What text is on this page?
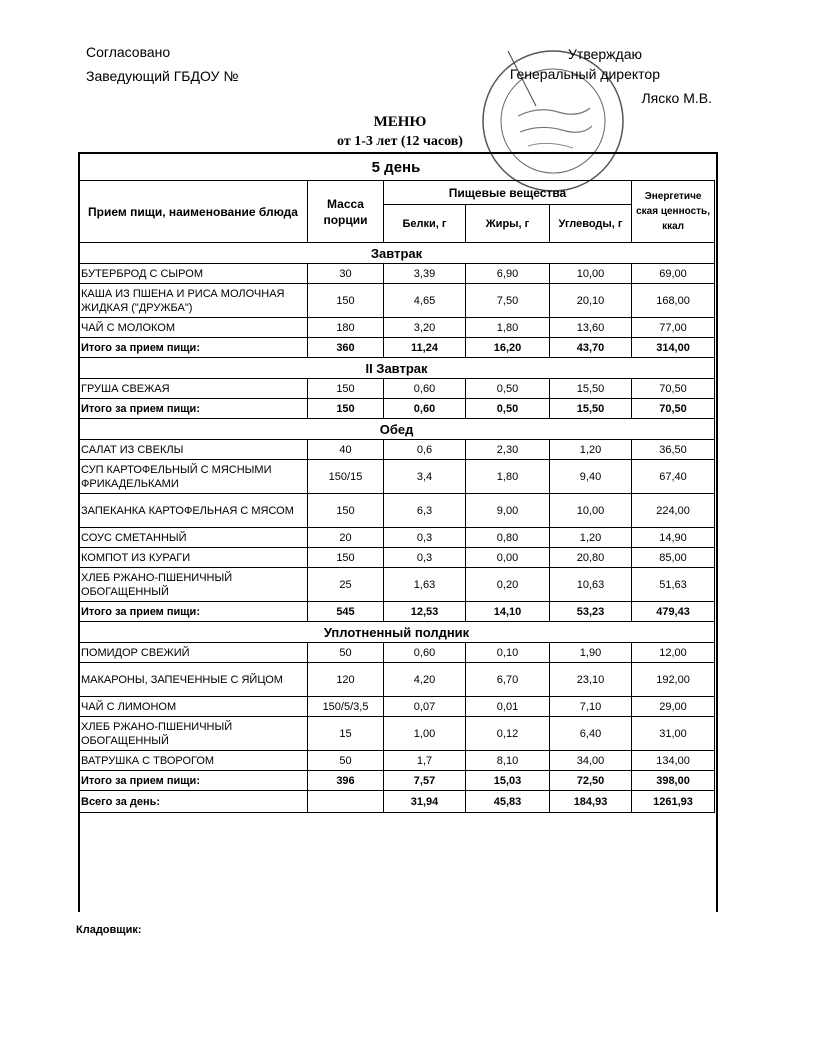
Согласовано
Заведующий ГБДОУ №
Утверждаю
Генеральный директор
Ляско М.В.
МЕНЮ
от 1-3 лет (12 часов)
5 день
Прием пищи, наименование блюда	Масса порции	Пищевые вещества			Энергетиче ская ценность, ккал
		Белки, г	Жиры, г	Углеводы, г	
Завтрак					
БУТЕРБРОД С СЫРОМ	30	3,39	6,90	10,00	69,00
КАША ИЗ ПШЕНА И РИСА МОЛОЧНАЯ ЖИДКАЯ ("ДРУЖБА")	150	4,65	7,50	20,10	168,00
ЧАЙ С МОЛОКОМ	180	3,20	1,80	13,60	77,00
Итого за прием пищи:	360	11,24	16,20	43,70	314,00
II Завтрак					
ГРУША СВЕЖАЯ	150	0,60	0,50	15,50	70,50
Итого за прием пищи:	150	0,60	0,50	15,50	70,50
Обед					
САЛАТ ИЗ СВЕКЛЫ	40	0,6	2,30	1,20	36,50
СУП КАРТОФЕЛЬНЫЙ С МЯСНЫМИ ФРИКАДЕЛЬКАМИ	150/15	3,4	1,80	9,40	67,40
ЗАПЕКАНКА КАРТОФЕЛЬНАЯ С МЯСОМ	150	6,3	9,00	10,00	224,00
СОУС СМЕТАННЫЙ	20	0,3	0,80	1,20	14,90
КОМПОТ ИЗ КУРАГИ	150	0,3	0,00	20,80	85,00
ХЛЕБ РЖАНО-ПШЕНИЧНЫЙ ОБОГАЩЕННЫЙ	25	1,63	0,20	10,63	51,63
Итого за прием пищи:	545	12,53	14,10	53,23	479,43
Уплотненный полдник					
ПОМИДОР СВЕЖИЙ	50	0,60	0,10	1,90	12,00
МАКАРОНЫ, ЗАПЕЧЕННЫЕ С ЯЙЦОМ	120	4,20	6,70	23,10	192,00
ЧАЙ С ЛИМОНОМ	150/5/3,5	0,07	0,01	7,10	29,00
ХЛЕБ РЖАНО-ПШЕНИЧНЫЙ ОБОГАЩЕННЫЙ	15	1,00	0,12	6,40	31,00
ВАТРУШКА С ТВОРОГОМ	50	1,7	8,10	34,00	134,00
Итого за прием пищи:	396	7,57	15,03	72,50	398,00
Всего за день:		31,94	45,83	184,93	1261,93
Кладовщик:
